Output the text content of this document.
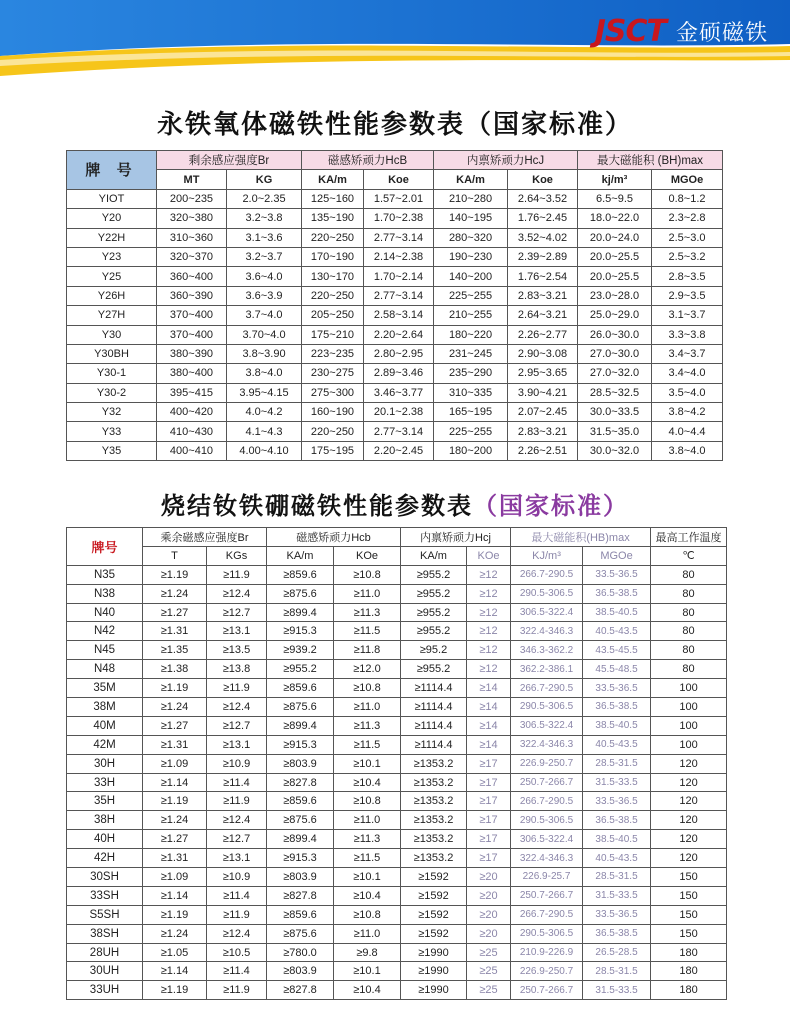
JSCT 金硕磁铁
永铁氧体磁铁性能参数表（国家标准）
牌 号	剩余感应强度Br		磁感矫顽力HcB		内禀矫顽力HcJ		最大磁能积 (BH)max	
	MT	KG	KA/m	Koe	KA/m	Koe	kj/m³	MGOe
YIOT	200~235	2.0~2.35	125~160	1.57~2.01	210~280	2.64~3.52	6.5~9.5	0.8~1.2
Y20	320~380	3.2~3.8	135~190	1.70~2.38	140~195	1.76~2.45	18.0~22.0	2.3~2.8
Y22H	310~360	3.1~3.6	220~250	2.77~3.14	280~320	3.52~4.02	20.0~24.0	2.5~3.0
Y23	320~370	3.2~3.7	170~190	2.14~2.38	190~230	2.39~2.89	20.0~25.5	2.5~3.2
Y25	360~400	3.6~4.0	130~170	1.70~2.14	140~200	1.76~2.54	20.0~25.5	2.8~3.5
Y26H	360~390	3.6~3.9	220~250	2.77~3.14	225~255	2.83~3.21	23.0~28.0	2.9~3.5
Y27H	370~400	3.7~4.0	205~250	2.58~3.14	210~255	2.64~3.21	25.0~29.0	3.1~3.7
Y30	370~400	3.70~4.0	175~210	2.20~2.64	180~220	2.26~2.77	26.0~30.0	3.3~3.8
Y30BH	380~390	3.8~3.90	223~235	2.80~2.95	231~245	2.90~3.08	27.0~30.0	3.4~3.7
Y30-1	380~400	3.8~4.0	230~275	2.89~3.46	235~290	2.95~3.65	27.0~32.0	3.4~4.0
Y30-2	395~415	3.95~4.15	275~300	3.46~3.77	310~335	3.90~4.21	28.5~32.5	3.5~4.0
Y32	400~420	4.0~4.2	160~190	20.1~2.38	165~195	2.07~2.45	30.0~33.5	3.8~4.2
Y33	410~430	4.1~4.3	220~250	2.77~3.14	225~255	2.83~3.21	31.5~35.0	4.0~4.4
Y35	400~410	4.00~4.10	175~195	2.20~2.45	180~200	2.26~2.51	30.0~32.0	3.8~4.0
烧结钕铁硼磁铁性能参数表（国家标准）
牌号	乘余磁感应强度Br		磁感矫顽力Hcb		内禀矫顽力Hcj		最大磁能积(HB)max		最高工作温度
	T	KGs	KA/m	KOe	KA/m	KOe	KJ/m³	MGOe	℃
N35	≥1.19	≥11.9	≥859.6	≥10.8	≥955.2	≥12	266.7-290.5	33.5-36.5	80
N38	≥1.24	≥12.4	≥875.6	≥11.0	≥955.2	≥12	290.5-306.5	36.5-38.5	80
N40	≥1.27	≥12.7	≥899.4	≥11.3	≥955.2	≥12	306.5-322.4	38.5-40.5	80
N42	≥1.31	≥13.1	≥915.3	≥11.5	≥955.2	≥12	322.4-346.3	40.5-43.5	80
N45	≥1.35	≥13.5	≥939.2	≥11.8	≥95.2	≥12	346.3-362.2	43.5-45.5	80
N48	≥1.38	≥13.8	≥955.2	≥12.0	≥955.2	≥12	362.2-386.1	45.5-48.5	80
35M	≥1.19	≥11.9	≥859.6	≥10.8	≥1114.4	≥14	266.7-290.5	33.5-36.5	100
38M	≥1.24	≥12.4	≥875.6	≥11.0	≥1114.4	≥14	290.5-306.5	36.5-38.5	100
40M	≥1.27	≥12.7	≥899.4	≥11.3	≥1114.4	≥14	306.5-322.4	38.5-40.5	100
42M	≥1.31	≥13.1	≥915.3	≥11.5	≥1114.4	≥14	322.4-346.3	40.5-43.5	100
30H	≥1.09	≥10.9	≥803.9	≥10.1	≥1353.2	≥17	226.9-250.7	28.5-31.5	120
33H	≥1.14	≥11.4	≥827.8	≥10.4	≥1353.2	≥17	250.7-266.7	31.5-33.5	120
35H	≥1.19	≥11.9	≥859.6	≥10.8	≥1353.2	≥17	266.7-290.5	33.5-36.5	120
38H	≥1.24	≥12.4	≥875.6	≥11.0	≥1353.2	≥17	290.5-306.5	36.5-38.5	120
40H	≥1.27	≥12.7	≥899.4	≥11.3	≥1353.2	≥17	306.5-322.4	38.5-40.5	120
42H	≥1.31	≥13.1	≥915.3	≥11.5	≥1353.2	≥17	322.4-346.3	40.5-43.5	120
30SH	≥1.09	≥10.9	≥803.9	≥10.1	≥1592	≥20	226.9-25.7	28.5-31.5	150
33SH	≥1.14	≥11.4	≥827.8	≥10.4	≥1592	≥20	250.7-266.7	31.5-33.5	150
S5SH	≥1.19	≥11.9	≥859.6	≥10.8	≥1592	≥20	266.7-290.5	33.5-36.5	150
38SH	≥1.24	≥12.4	≥875.6	≥11.0	≥1592	≥20	290.5-306.5	36.5-38.5	150
28UH	≥1.05	≥10.5	≥780.0	≥9.8	≥1990	≥25	210.9-226.9	26.5-28.5	180
30UH	≥1.14	≥11.4	≥803.9	≥10.1	≥1990	≥25	226.9-250.7	28.5-31.5	180
33UH	≥1.19	≥11.9	≥827.8	≥10.4	≥1990	≥25	250.7-266.7	31.5-33.5	180
